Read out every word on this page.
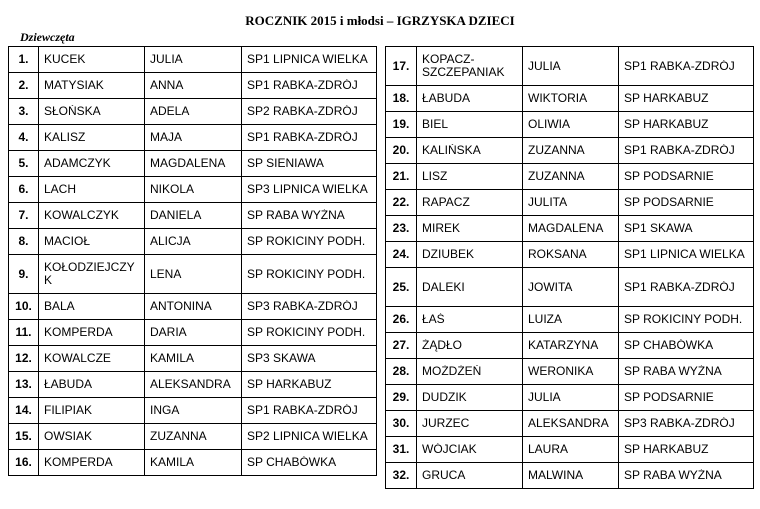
ROCZNIK 2015 i młodsi – IGRZYSKA DZIECI
Dziewczęta
1.	KUCEK	JULIA	SP1 LIPNICA WIELKA

2.	MATYSIAK	ANNA	SP1 RABKA-ZDRÓJ

3.	SŁOŃSKA	ADELA	SP2 RABKA-ZDRÓJ

4.	KALISZ	MAJA	SP1 RABKA-ZDRÓJ

5.	ADAMCZYK	MAGDALENA	SP SIENIAWA

6.	LACH	NIKOLA	SP3 LIPNICA WIELKA

7.	KOWALCZYK	DANIELA	SP RABA WYŻNA

8.	MACIOŁ	ALICJA	SP ROKICINY PODH.

9.	KOŁODZIEJCZYK	LENA	SP ROKICINY PODH.

10.	BALA	ANTONINA	SP3 RABKA-ZDRÓJ

11.	KOMPERDA	DARIA	SP ROKICINY PODH.

12.	KOWALCZE	KAMILA	SP3 SKAWA

13.	ŁABUDA	ALEKSANDRA	SP HARKABUZ

14.	FILIPIAK	INGA	SP1 RABKA-ZDRÓJ

15.	OWSIAK	ZUZANNA	SP2 LIPNICA WIELKA

16.	KOMPERDA	KAMILA	SP CHABÓWKA
17.	KOPACZ-SZCZEPANIAK	JULIA	SP1 RABKA-ZDRÓJ

18.	ŁABUDA	WIKTORIA	SP HARKABUZ

19.	BIEL	OLIWIA	SP HARKABUZ

20.	KALIŃSKA	ZUZANNA	SP1 RABKA-ZDRÓJ

21.	LISZ	ZUZANNA	SP PODSARNIE

22.	RAPACZ	JULITA	SP PODSARNIE

23.	MIREK	MAGDALENA	SP1 SKAWA

24.	DZIUBEK	ROKSANA	SP1 LIPNICA WIELKA

25.	DALEKI	JOWITA	SP1 RABKA-ZDRÓJ

26.	ŁAŚ	LUIZA	SP ROKICINY PODH.

27.	ŻĄDŁO	KATARZYNA	SP CHABÓWKA

28.	MOŻDŻEŃ	WERONIKA	SP RABA WYŻNA

29.	DUDZIK	JULIA	SP PODSARNIE

30.	JURZEC	ALEKSANDRA	SP3 RABKA-ZDRÓJ

31.	WÓJCIAK	LAURA	SP HARKABUZ

32.	GRUCA	MALWINA	SP RABA WYŻNA
